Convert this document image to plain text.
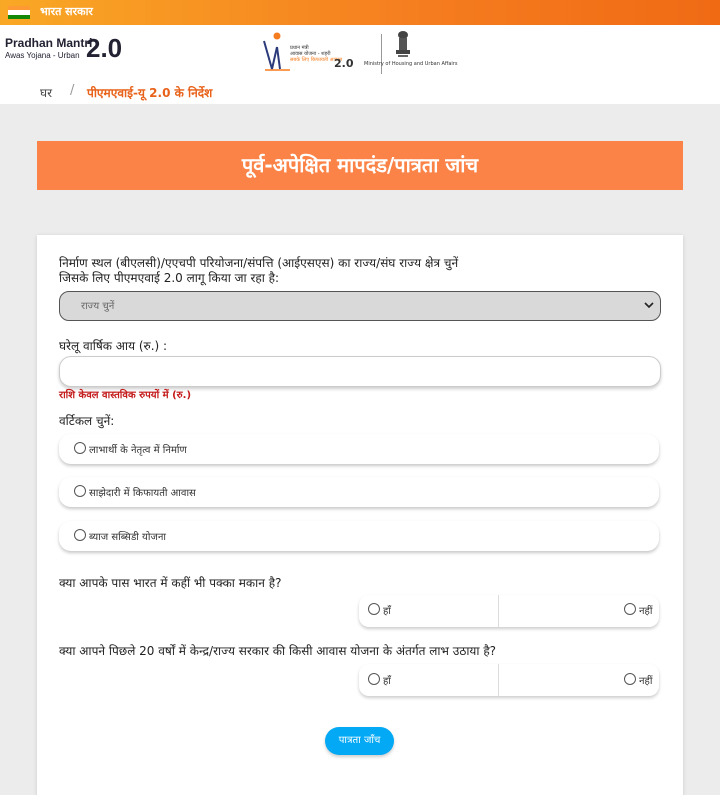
भारत सरकार
Pradhan Mantri
Awas Yojana - Urban 2.0	प्रधान मंत्री
आवास योजना - शहरी
सबके लिए किफायती आवास
2.0 Ministry of Housing and Urban Affairs
घर / पीएमएवाई-यू 2.0 के निर्देश
पूर्व-अपेक्षित मापदंड/पात्रता जांच
निर्माण स्थल (बीएलसी)/एएचपी परियोजना/संपत्ति (आईएसएस) का राज्य/संघ राज्य क्षेत्र चुनें
जिसके लिए पीएमएवाई 2.0 लागू किया जा रहा है:
राज्य चुनें
घरेलू वार्षिक आय (रु.) :
राशि केवल वास्तविक रुपयों में (रु.)
वर्टिकल चुनें:
लाभार्थी के नेतृत्व में निर्माण
साझेदारी में किफायती आवास
ब्याज सब्सिडी योजना
क्या आपके पास भारत में कहीं भी पक्का मकान है?
हाँ	नहीं
क्या आपने पिछले 20 वर्षों में केन्द्र/राज्य सरकार की किसी आवास योजना के अंतर्गत लाभ उठाया है?
हाँ	नहीं
पात्रता जाँच
